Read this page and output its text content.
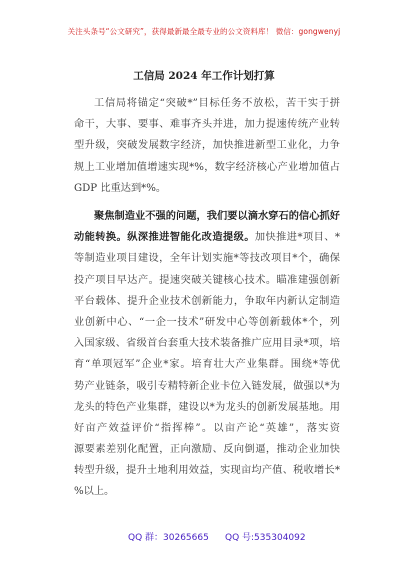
关注头条号“公文研究”，获得最新最全最专业的公文资料库！ 微信：gongwenyj
工信局 2024 年工作计划打算
工信局将锚定“突破*”目标任务不放松，苦干实于拼
命干，大事、要事、难事齐头并进，加力提速传统产业转
型升级，突破发展数字经济，加快推进新型工业化，力争
规上工业增加值增速实现*%，数字经济核心产业增加值占
GDP 比重达到*%。
聚焦制造业不强的问题，我们要以滴水穿石的信心抓好
动能转换。纵深推进智能化改造提级。加快推进*项目、*
等制造业项目建设，全年计划实施*等技改项目*个，确保
投产项目早达产。提速突破关键核心技术。瞄准建强创新
平台载体、提升企业技术创新能力，争取年内新认定制造
业创新中心、“一企一技术”研发中心等创新载体*个，列
入国家级、省级首台套重大技术装备推广应用目录*项，培
育“单项冠军”企业*家。培育壮大产业集群。围绕*等优
势产业链条，吸引专精特新企业卡位入链发展，做强以*为
龙头的特色产业集群，建设以*为龙头的创新发展基地。用
好亩产效益评价“指挥棒”。以亩产论“英雄”，落实资
源要素差别化配置，正向激励、反向倒逼，推动企业加快
转型升级，提升土地利用效益，实现亩均产值、税收增长*
%以上。
QQ 群：30265665 QQ 号:535304092
